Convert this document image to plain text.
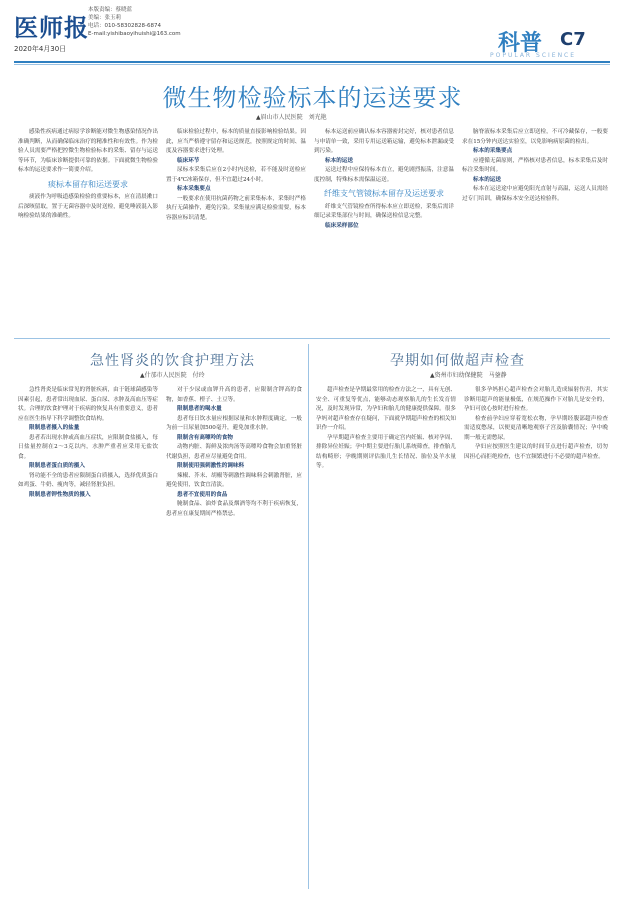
医师报
2020年4月30日
本版责编：蔡晓蓝
美编：张玉莉
电话：010-58302828-6874
E-mail:yishibaoyihuishi@163.com	科普 C7
POPULAR SCIENCE
微生物检验标本的运送要求
▲眉山市人民医院　刘光艳

感染性疾病通过病原学诊断能对微生物感染情况作出准确判断，从而确保临床治疗的精准性和有效性。作为检验人员需要严格把控微生物检验标本的采集、留存与运送等环节，为临床诊断提供可靠的依据。下面就微生物检验标本的运送要求作一简要介绍。

痰标本留存和运送要求

痰液作为呼吸道感染检验的重要标本，应在清晨漱口后深咳留取，置于无菌容器中及时送检，避免唾液混入影响检验结果的准确性。

临床检验过程中，标本的质量直接影响检验结果。因此，应当严格遵守留存和运送规范，按照规定的时间、温度及容器要求进行处理。

临床环节

尿标本采集后应在2小时内送检，若不能及时送检应置于4℃冰箱保存，但不宜超过24小时。

标本采集要点

一般要求在使用抗菌药物之前采集标本，采集时严格执行无菌操作，避免污染。采集量应满足检验需要，标本容器应标识清楚。

标本运送前应确认标本容器密封完好，核对患者信息与申请单一致，采用专用运送箱运输，避免标本泄漏或受到污染。

标本的运送

运送过程中应保持标本直立，避免剧烈振荡，注意温度控制，特殊标本需保温运送。

纤维支气管镜标本留存及运送要求

纤维支气管镜检查所得标本应立即送检，采集后需详细记录采集部位与时间，确保送检信息完整。

临床采样部位

脑脊液标本采集后应立即送检，不可冷藏保存，一般要求在15分钟内送达实验室，以免影响病原菌的检出。

标本的采集要点

应遵循无菌原则，严格核对患者信息，标本采集后及时标注采集时间。

标本的运送

标本在运送途中应避免阳光直射与高温，运送人员需经过专门培训，确保标本安全送达检验科。

急性肾炎的饮食护理方法
▲什邡市人民医院　付玲

急性肾炎是临床常见的肾脏疾病，由于链球菌感染等因素引起，患者常出现血尿、蛋白尿、水肿及高血压等症状。合理的饮食护理对于疾病的恢复具有重要意义，患者应在医生指导下科学调整饮食结构。

限制患者摄入的盐量

患者若出现水肿或高血压症状，应限制食盐摄入，每日盐量控制在2～3克以内，水肿严重者应采用无盐饮食。

限制患者蛋白质的摄入

肾功能不全的患者应限制蛋白质摄入，选择优质蛋白如鸡蛋、牛奶、瘦肉等，减轻肾脏负担。

限制患者钾性物质的摄入

对于少尿或血钾升高的患者，应限制含钾高的食物，如香蕉、橙子、土豆等。

限制患者的喝水量

患者每日饮水量应根据尿量和水肿程度确定，一般为前一日尿量加500毫升，避免加重水肿。

限制含有高嘌呤的食物

动物内脏、海鲜及浓肉汤等高嘌呤食物会加重肾脏代谢负担，患者应尽量避免食用。

限制使用强刺激性的调味料

辣椒、芥末、胡椒等刺激性调味料会刺激肾脏，应避免使用，饮食宜清淡。

患者不宜使用的食品

腌制食品、油炸食品及烟酒等均不利于疾病恢复，患者应在康复期间严格禁忌。

孕期如何做超声检查
▲资州市妇幼保健院　马蓥静

超声检查是孕期最常用的检查方法之一，具有无创、安全、可重复等优点，能够动态观察胎儿的生长发育情况，及时发现异常，为孕妇和胎儿的健康提供保障。很多孕妈对超声检查存在疑问，下面就孕期超声检查的相关知识作一介绍。

孕早期超声检查主要用于确定宫内妊娠、核对孕周、排除异位妊娠；孕中期主要进行胎儿系统筛查，排查胎儿结构畸形；孕晚期则评估胎儿生长情况、胎位及羊水量等。

很多孕妈担心超声检查会对胎儿造成辐射伤害，其实诊断用超声的能量极低，在规范操作下对胎儿是安全的，孕妇可放心按时进行检查。

检查前孕妇应穿着宽松衣物，孕早期经腹部超声检查需适度憋尿，以便更清晰地观察子宫及胎囊情况；孕中晚期一般无需憋尿。

孕妇应按照医生建议的时间节点进行超声检查，切勿因担心而拒绝检查，也不宜频繁进行不必要的超声检查。
